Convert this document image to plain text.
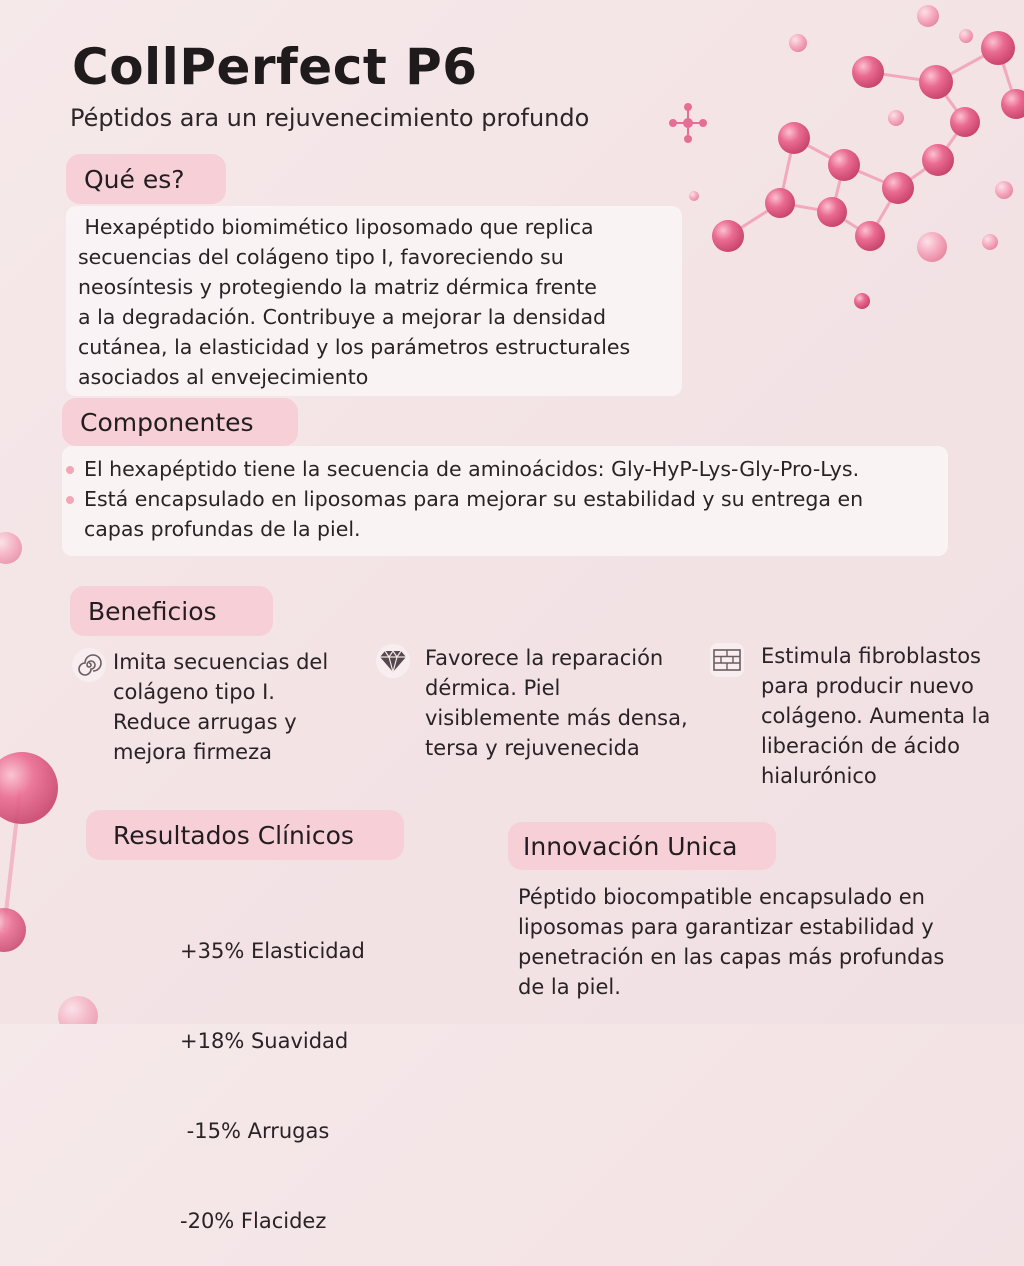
CollPerfect P6
Péptidos ara un rejuvenecimiento profundo
Qué es?
Hexapéptido biomimético liposomado que replica
secuencias del colágeno tipo I, favoreciendo su
neosíntesis y protegiendo la matriz dérmica frente
a la degradación. Contribuye a mejorar la densidad
cutánea, la elasticidad y los parámetros estructurales
asociados al envejecimiento
Componentes
El hexapéptido tiene la secuencia de aminoácidos: Gly-HyP-Lys-Gly-Pro-Lys.
Está encapsulado en liposomas para mejorar su estabilidad y su entrega en
capas profundas de la piel.
Beneficios
Imita secuencias del
colágeno tipo I.
Reduce arrugas y
mejora firmeza
Favorece la reparación
dérmica. Piel
visiblemente más densa,
tersa y rejuvenecida
Estimula fibroblastos
para producir nuevo
colágeno. Aumenta la
liberación de ácido
hialurónico
Resultados Clínicos

+35% Elasticidad

+18% Suavidad

-15% Arrugas

-20% Flacidez

Innovación Unica
Péptido biocompatible encapsulado en
liposomas para garantizar estabilidad y
penetración en las capas más profundas
de la piel.
